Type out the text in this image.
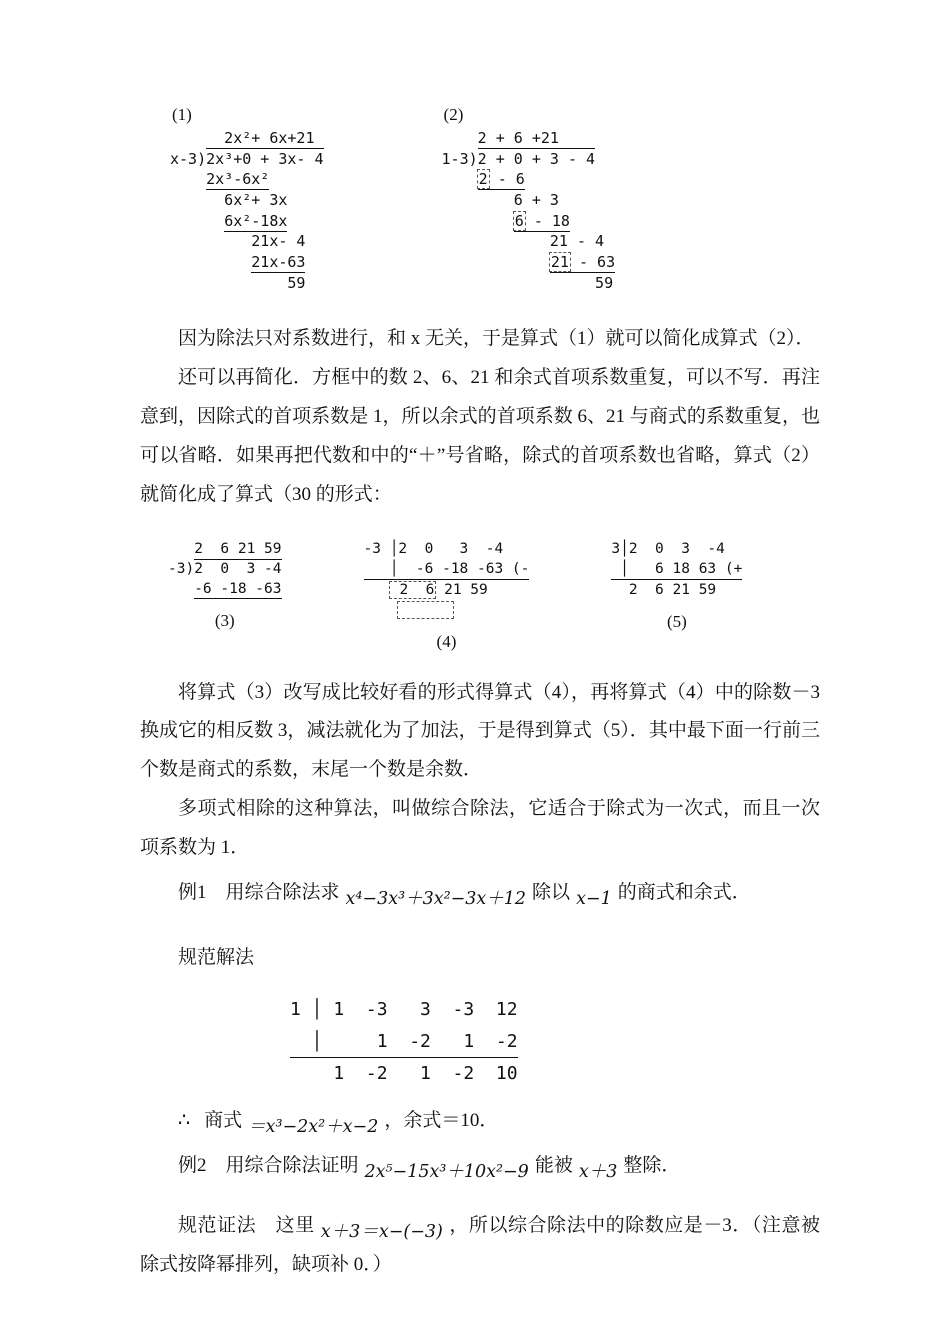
(1)
2x²+ 6x+21
x-3)2x³+0 + 3x- 4
2x³-6x²
6x²+ 3x
6x²-18x
21x- 4
21x-63
59
(2)
2 + 6 +21
1-3)2 + 0 + 3 - 4
2 - 6
6 + 3
6 - 18
21 - 4
21 - 63
59

因为除法只对系数进行，和 x 无关，于是算式（1）就可以简化成算式（2）．

还可以再简化．方框中的数 2、6、21 和余式首项系数重复，可以不写．再注意到，因除式的首项系数是 1，所以余式的首项系数 6、21 与商式的系数重复，也可以省略．如果再把代数和中的“＋”号省略，除式的首项系数也省略，算式（2）就简化成了算式（30 的形式：

2  6 21 59
-3)2  0  3 -4
-6 -18 -63
(3)
-3 │2  0   3  -4
│  -6 -18 -63 (-
2  6 21 59

(4)
3│2  0  3  -4
│   6 18 63 (+
2  6 21 59
(5)

将算式（3）改写成比较好看的形式得算式（4），再将算式（4）中的除数－3 换成它的相反数 3，减法就化为了加法，于是得到算式（5）．其中最下面一行前三个数是商式的系数，末尾一个数是余数．

多项式相除的这种算法，叫做综合除法，它适合于除式为一次式，而且一次项系数为 1．

例1　用综合除法求 x⁴−3x³＋3x²−3x＋12 除以 x−1 的商式和余式．

规范解法

1 │ 1  -3   3  -3  12
│     1  -2   1  -2
1  -2   1  -2  10

∴ 商式 ＝x³−2x²＋x−2 ，余式＝10．

例2　用综合除法证明 2x⁵−15x³＋10x²−9 能被 x＋3 整除．

规范证法　这里 x＋3＝x−(−3) ，所以综合除法中的除数应是－3．（注意被除式按降幂排列，缺项补 0．）
